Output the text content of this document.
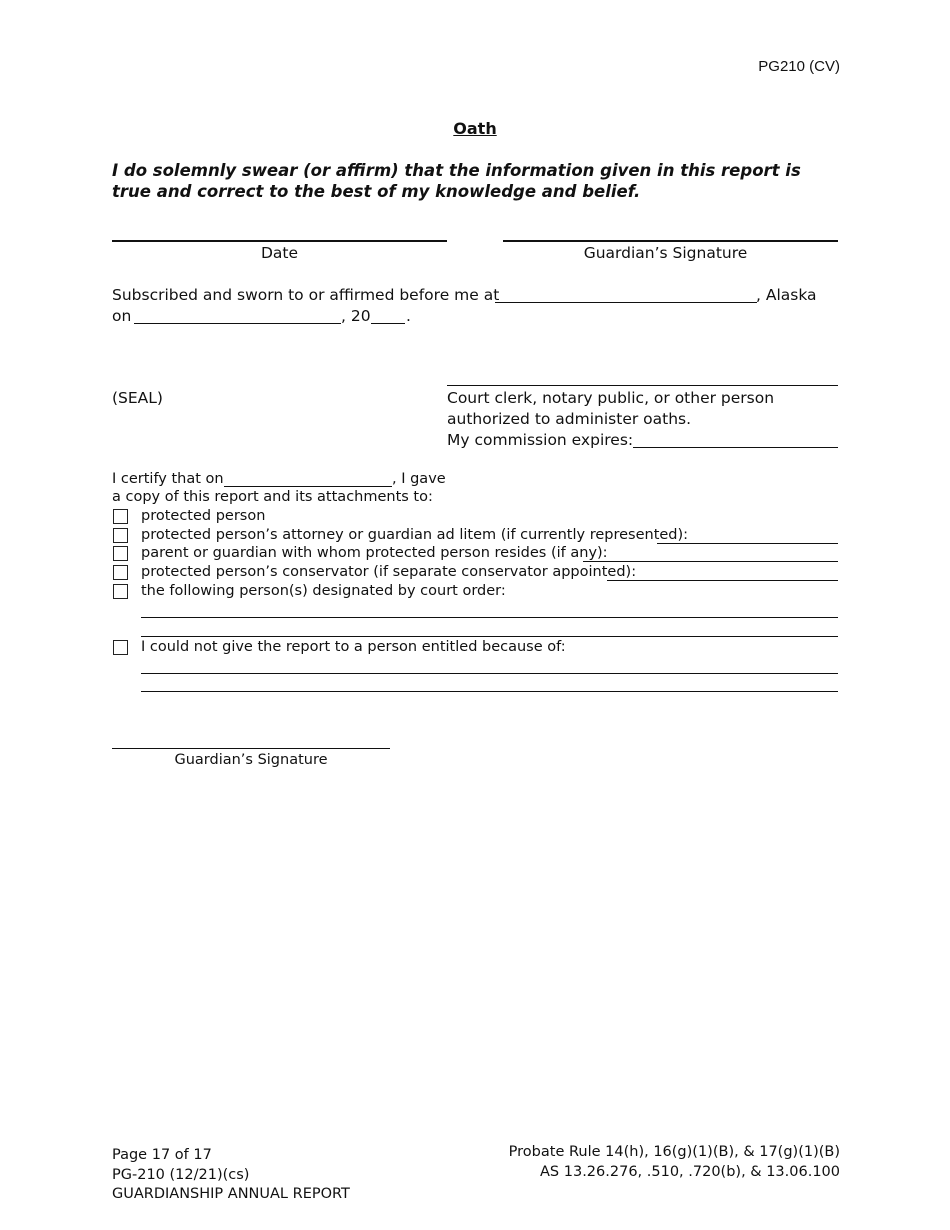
PG210 (CV)
Oath
I do solemnly swear (or affirm) that the information given in this report is true and correct to the best of my knowledge and belief.
Date	Guardian’s Signature
Subscribed and sworn to or affirmed before me at	, Alaska
on	, 20 .
(SEAL)	Court clerk, notary public, or other person
authorized to administer oaths.
My commission expires:
I certify that on	, I gave
a copy of this report and its attachments to:
protected person
protected person’s attorney or guardian ad litem (if currently represented):
parent or guardian with whom protected person resides (if any):
protected person’s conservator (if separate conservator appointed):
the following person(s) designated by court order:
I could not give the report to a person entitled because of:
Guardian’s Signature
Page 17 of 17
PG-210 (12/21)(cs)
GUARDIANSHIP ANNUAL REPORT
Probate Rule 14(h), 16(g)(1)(B), & 17(g)(1)(B)
AS 13.26.276, .510, .720(b), & 13.06.100
